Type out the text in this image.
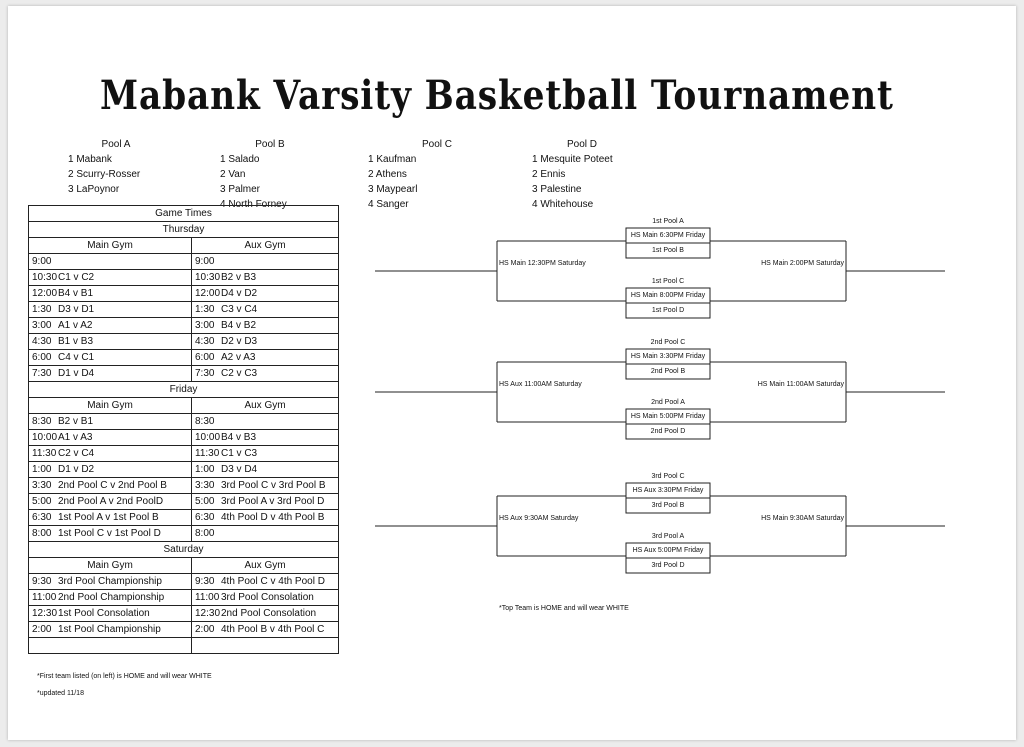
Mabank Varsity Basketball Tournament
Pool A
1 Mabank
2 Scurry-Rosser
3 LaPoynor
Pool B
1 Salado
2 Van
3 Palmer
4 North Forney
Pool C
1 Kaufman
2 Athens
3 Maypearl
4 Sanger
Pool D
1 Mesquite Poteet
2 Ennis
3 Palestine
4 Whitehouse
Game Times	
Thursday	
Main Gym	Aux Gym
9:00	9:00
10:30C1 v C2	10:30B2 v B3
12:00B4 v B1	12:00D4 v D2
1:30 D3 v D1	1:30 C3 v C4
3:00 A1 v A2	3:00 B4 v B2
4:30 B1 v B3	4:30 D2 v D3
6:00 C4 v C1	6:00 A2 v A3
7:30 D1 v D4	7:30 C2 v C3
Friday	
Main Gym	Aux Gym
8:30 B2 v B1	8:30
10:00A1 v A3	10:00B4 v B3
11:30 C2 v C4	11:30 C1 v C3
1:00 D1 v D2	1:00 D3 v D4
3:30 2nd Pool C v 2nd Pool B	3:30 3rd Pool C v 3rd Pool B
5:00 2nd Pool A v 2nd PoolD	5:00 3rd Pool A v 3rd Pool D
6:30 1st Pool A v 1st Pool B	6:30 4th Pool D v 4th Pool B
8:00 1st Pool C v 1st Pool D	8:00
Saturday	
Main Gym	Aux Gym
9:30 3rd Pool Championship	9:30 4th Pool C v 4th Pool D
11:00 2nd Pool Championship	11:00 3rd Pool Consolation
12:301st Pool Consolation	12:302nd Pool Consolation
2:00 1st Pool Championship	2:00 4th Pool B v 4th Pool C

*First team listed (on left) is HOME and will wear WHITE
*updated 11/18
*Top Team is HOME and will wear WHITE
1st Pool A
HS Main 6:30PM Friday
1st Pool B
1st Pool C
HS Main 8:00PM Friday
1st Pool D
HS Main 12:30PM Saturday	HS Main 2:00PM Saturday
2nd Pool C
HS Main 3:30PM Friday
2nd Pool B
2nd Pool A
HS Main 5:00PM Friday
2nd Pool D
HS Aux 11:00AM Saturday	HS Main 11:00AM Saturday
3rd Pool C
HS Aux 3:30PM Friday
3rd Pool B
3rd Pool A
HS Aux 5:00PM Friday
3rd Pool D
HS Aux 9:30AM Saturday	HS Main 9:30AM Saturday
